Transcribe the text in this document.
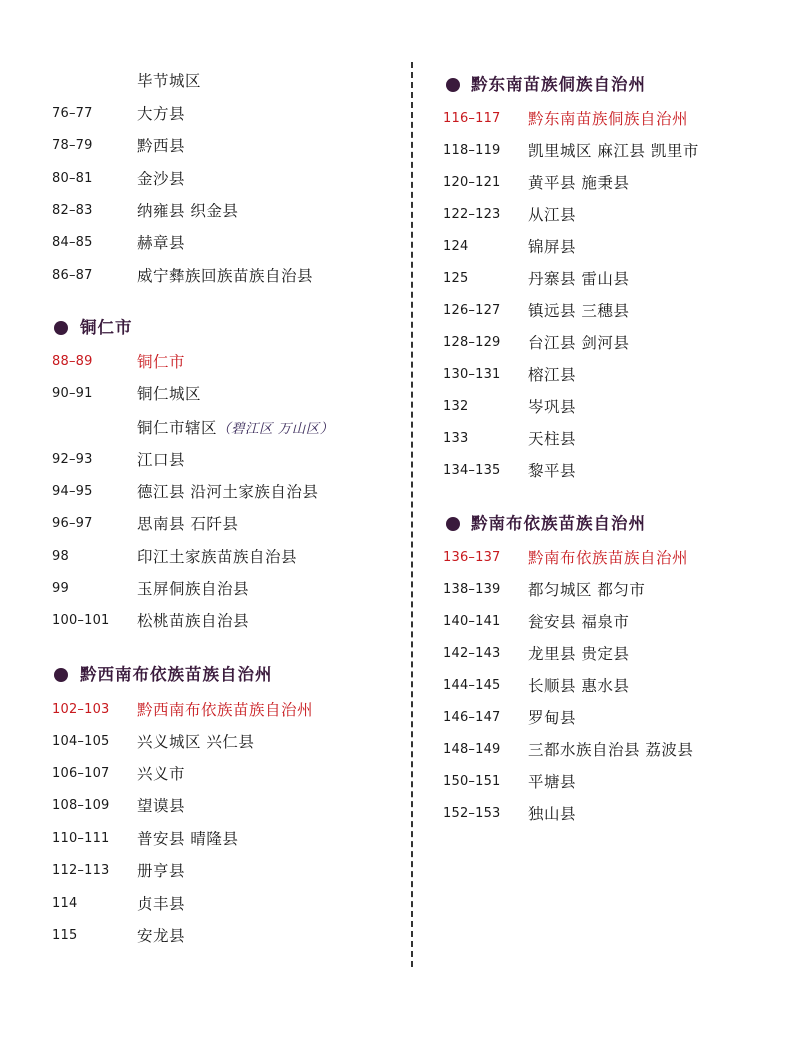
毕节城区
76–77	大方县
78–79	黔西县
80–81	金沙县
82–83	纳雍县 织金县
84–85	赫章县
86–87	威宁彝族回族苗族自治县
铜仁市
88–89	铜仁市
90–91	铜仁城区
铜仁市辖区（碧江区 万山区）
92–93	江口县
94–95	德江县 沿河土家族自治县
96–97	思南县 石阡县
98	印江土家族苗族自治县
99	玉屏侗族自治县
100–101 松桃苗族自治县
黔西南布依族苗族自治州
102–103 黔西南布依族苗族自治州
104–105 兴义城区 兴仁县
106–107 兴义市
108–109 望谟县
110–111 普安县 晴隆县
112–113 册亨县
114	贞丰县
115	安龙县
黔东南苗族侗族自治州
116–117 黔东南苗族侗族自治州
118–119 凯里城区 麻江县 凯里市
120–121 黄平县 施秉县
122–123 从江县
124	锦屏县
125	丹寨县 雷山县
126–127 镇远县 三穗县
128–129 台江县 剑河县
130–131 榕江县
132	岑巩县
133	天柱县
134–135 黎平县
黔南布依族苗族自治州
136–137 黔南布依族苗族自治州
138–139 都匀城区 都匀市
140–141 瓮安县 福泉市
142–143 龙里县 贵定县
144–145 长顺县 惠水县
146–147 罗甸县
148–149 三都水族自治县 荔波县
150–151 平塘县
152–153 独山县
